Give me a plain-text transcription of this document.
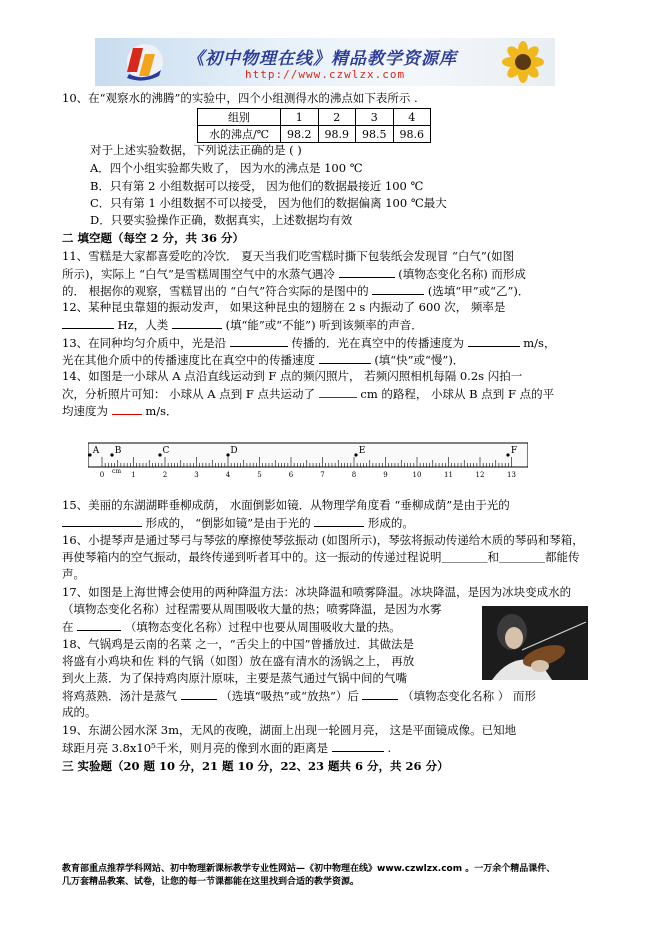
《初中物理在线》精品教学资源库
http://www.czwlzx.com
10、在“观察水的沸腾”的实验中，四个小组测得水的沸点如下表所示 .
组别	1	2	3	4
水的沸点/℃	98.2	98.9	98.5	98.6
对于上述实验数据，下列说法正确的是 ( )
A．四个小组实验都失败了， 因为水的沸点是 100 ℃
B．只有第 2 小组数据可以接受， 因为他们的数据最接近 100 ℃
C．只有第 1 小组数据不可以接受， 因为他们的数据偏离 100 ℃最大
D．只要实验操作正确，数据真实，上述数据均有效
二 填空题（每空 2 分，共 36 分）
11、雪糕是大家都喜爱吃的冷饮． 夏天当我们吃雪糕时撕下包装纸会发现冒 “白气”(如图
所示)，实际上 “白气”是雪糕周围空气中的水蒸气遇冷	(填物态变化名称) 而形成
的． 根据你的观察，雪糕冒出的 “白气”符合实际的是图中的	(选填“甲”或“乙”)．
12、某种昆虫靠翅的振动发声， 如果这种昆虫的翅膀在 2 s 内振动了 600 次， 频率是
Hz，人类	(填“能”或“不能”) 听到该频率的声音．
13、在同种均匀介质中，光是沿	传播的．光在真空中的传播速度为	m/s，
光在其他介质中的传播速度比在真空中的传播速度	(填“快”或“慢”)．
14、如图是一小球从 A 点沿直线运动到 F 点的频闪照片， 若频闪照相机每隔 0.2s 闪拍一
次，分析照片可知： 小球从 A 点到 F 点共运动了	cm 的路程， 小球从 B 点到 F 点的平
均速度为	m/s．
0	1	2	3	4	5	6	7	8	9	10	11	12	13
A B	C	D	E	F
cm
15、美丽的东湖湖畔垂柳成荫， 水面倒影如镜．从物理学角度看 “垂柳成荫”是由于光的
形成的， “倒影如镜”是由于光的	形成的。
16、小提琴声是通过琴弓与琴弦的摩擦使琴弦振动 (如图所示)，琴弦将振动传递给木质的琴码和琴箱，
再使琴箱内的空气振动，最终传递到听者耳中的。这一振动的传递过程说明＿＿＿＿和＿＿＿＿都能传
声。
17、如图是上海世博会使用的两种降温方法：冰块降温和喷雾降温。冰块降温，是因为冰块变成水的
（填物态变化名称）过程需要从周围吸收大量的热；喷雾降温，是因为水雾
在	（填物态变化名称）过程中也要从周围吸收大量的热。
18、气锅鸡是云南的名菜 之一，“舌尖上的中国”曾播放过．其做法是
将盛有小鸡块和佐 料的气锅（如图）放在盛有清水的汤锅之上， 再放
到火上蒸．为了保持鸡肉原汁原味，主要是蒸气通过气锅中间的气嘴
将鸡蒸熟．汤汁是蒸气	（选填“吸热”或“放热”）后	（填物态变化名称 ） 而形
成的。
19、东湖公园水深 3m，无风的夜晚，湖面上出现一轮圆月亮， 这是平面镜成像。已知地
球距月亮 3.8x10⁵千米，则月亮的像到水面的距离是	.
三 实验题（20 题 10 分，21 题 10 分，22、23 题共 6 分，共 26 分）
教育部重点推荐学科网站、初中物理新课标教学专业性网站—《初中物理在线》www.czwlzx.com 。一万余个精品课件、
几万套精品教案、试卷，让您的每一节课都能在这里找到合适的教学资源。
